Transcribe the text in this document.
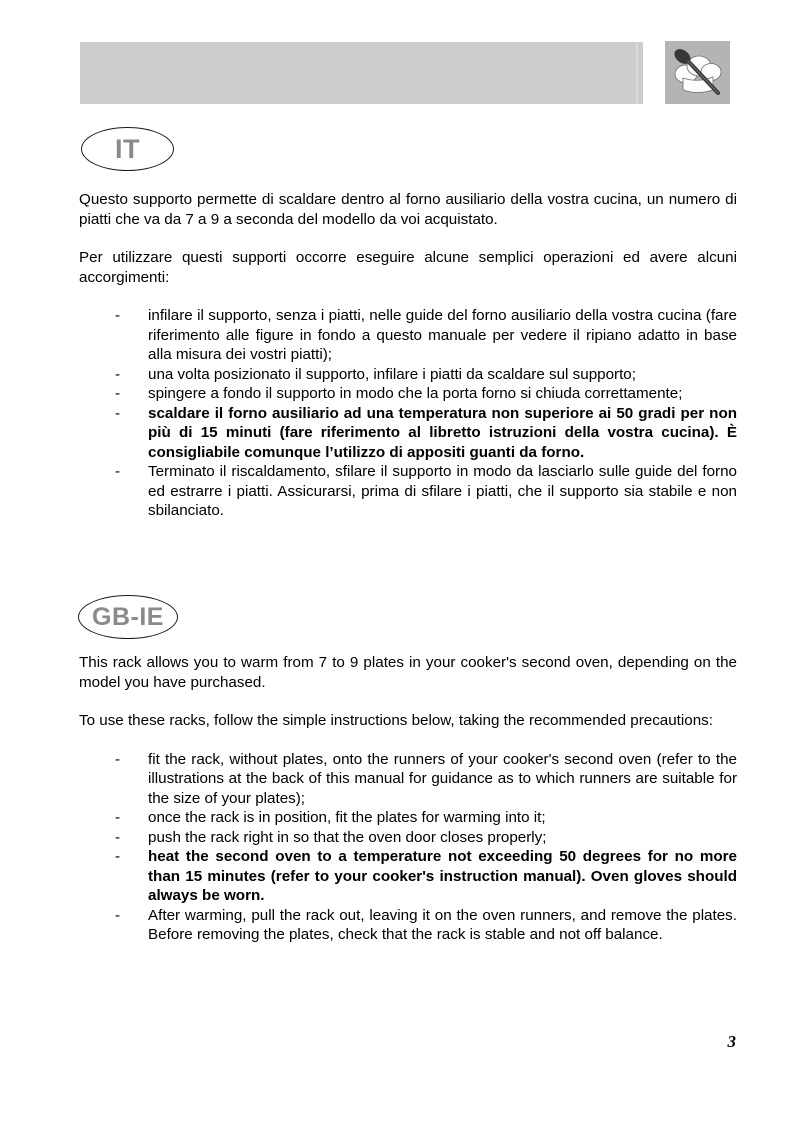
IT

Questo supporto permette di scaldare dentro al forno ausiliario della vostra cucina, un numero di piatti che va da 7 a 9 a seconda del modello da voi acquistato.

Per utilizzare questi supporti occorre eseguire alcune semplici operazioni ed avere alcuni accorgimenti:

- infilare il supporto, senza i piatti, nelle guide del forno ausiliario della vostra cucina (fare riferimento alle figure in fondo a questo manuale per vedere il ripiano adatto in base alla misura dei vostri piatti);
- una volta posizionato il supporto, infilare i piatti da scaldare sul supporto;
- spingere a fondo il supporto in modo che la porta forno si chiuda correttamente;
- scaldare il forno ausiliario ad una temperatura non superiore ai 50 gradi per non più di 15 minuti (fare riferimento al libretto istruzioni della vostra cucina). È consigliabile comunque l’utilizzo di appositi guanti da forno.
- Terminato il riscaldamento, sfilare il supporto in modo da lasciarlo sulle guide del forno ed estrarre i piatti. Assicurarsi, prima di sfilare i piatti, che il supporto sia stabile e non sbilanciato.
GB-IE

This rack allows you to warm from 7 to 9 plates in your cooker's second oven, depending on the model you have purchased.

To use these racks, follow the simple instructions below, taking the recommended precautions:

- fit the rack, without plates, onto the runners of your cooker's second oven (refer to the illustrations at the back of this manual for guidance as to which runners are suitable for the size of your plates);
- once the rack is in position, fit the plates for warming into it;
- push the rack right in so that the oven door closes properly;
- heat the second oven to a temperature not exceeding 50 degrees for no more than 15 minutes (refer to your cooker's instruction manual). Oven gloves should always be worn.
- After warming, pull the rack out, leaving it on the oven runners, and remove the plates. Before removing the plates, check that the rack is stable and not off balance.
3
